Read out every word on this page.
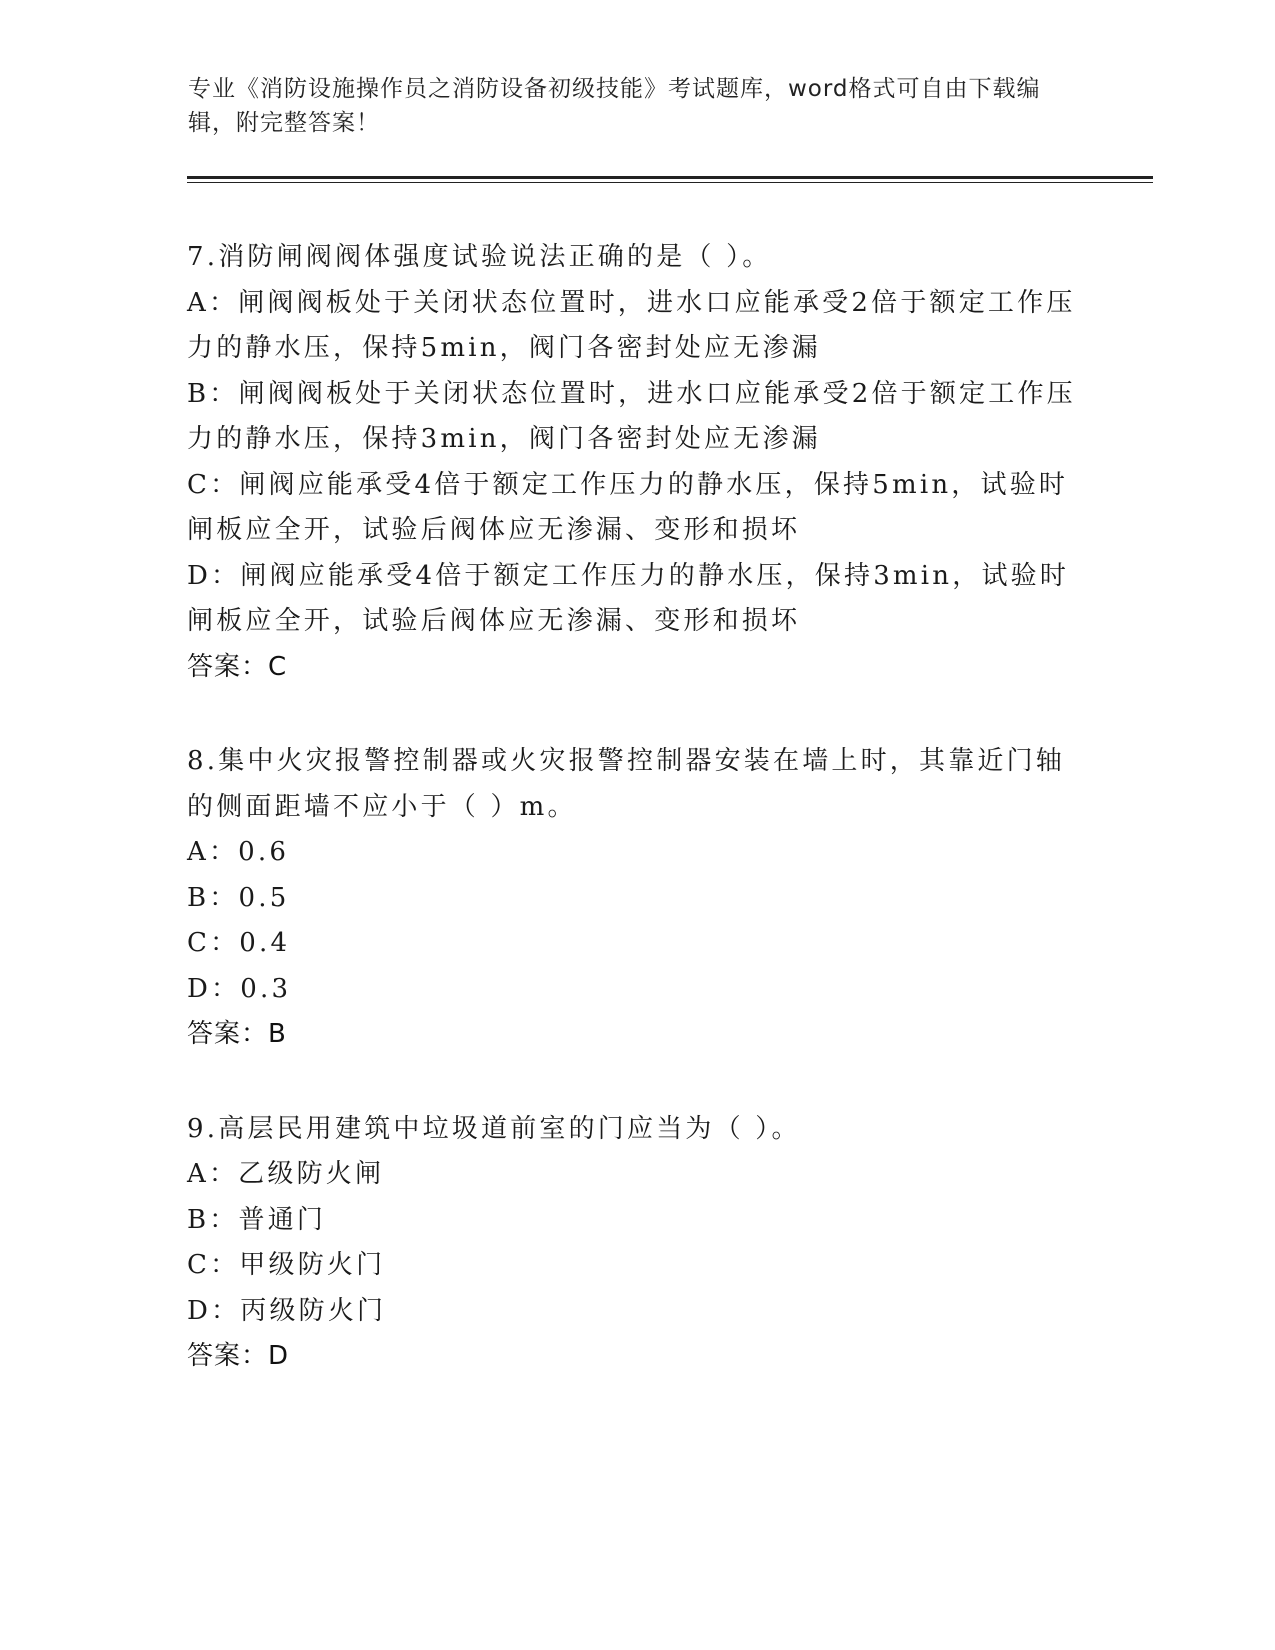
专业《消防设施操作员之消防设备初级技能》考试题库，word格式可自由下载编辑，附完整答案！
7.消防闸阀阀体强度试验说法正确的是（ ）。
A：闸阀阀板处于关闭状态位置时，进水口应能承受2倍于额定工作压力的静水压，保持5min，阀门各密封处应无渗漏
B：闸阀阀板处于关闭状态位置时，进水口应能承受2倍于额定工作压力的静水压，保持3min，阀门各密封处应无渗漏
C：闸阀应能承受4倍于额定工作压力的静水压，保持5min，试验时闸板应全开，试验后阀体应无渗漏、变形和损坏
D：闸阀应能承受4倍于额定工作压力的静水压，保持3min，试验时闸板应全开，试验后阀体应无渗漏、变形和损坏
答案：C
8.集中火灾报警控制器或火灾报警控制器安装在墙上时，其靠近门轴的侧面距墙不应小于（ ）m。
A：0.6
B：0.5
C：0.4
D：0.3
答案：B
9.高层民用建筑中垃圾道前室的门应当为（ ）。
A：乙级防火闸
B：普通门
C：甲级防火门
D：丙级防火门
答案：D
